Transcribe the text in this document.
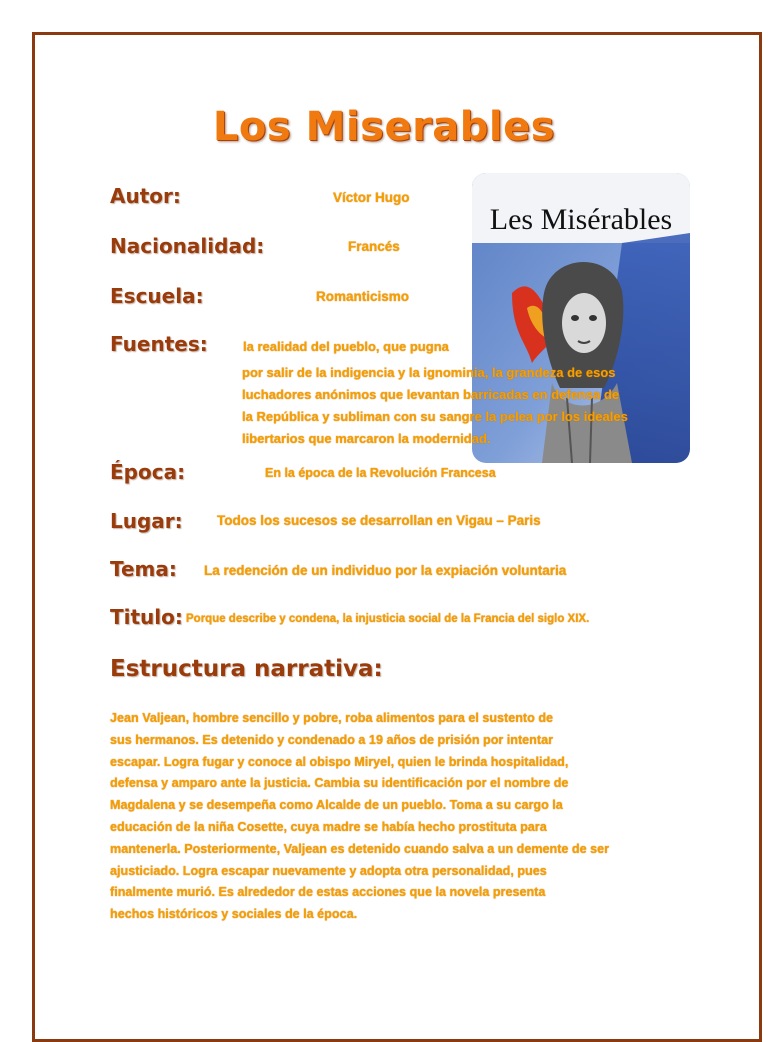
Los Miserables
Les Misérables
Autor:	Víctor Hugo
Nacionalidad:	Francés
Escuela:	Romanticismo
Fuentes:	la realidad del pueblo, que pugna
por salir de la indigencia y la ignominia, la grandeza de esos
luchadores anónimos que levantan barricadas en defensa de
la República y subliman con su sangre la pelea por los ideales
libertarios que marcaron la modernidad.
Época:	En la época de la Revolución Francesa
Lugar:	Todos los sucesos se desarrollan en Vigau – Paris
Tema: La redención de un individuo por la expiación voluntaria
Titulo: Porque describe y condena, la injusticia social de la Francia del siglo XIX.
Estructura narrativa:
Jean Valjean, hombre sencillo y pobre, roba alimentos para el sustento de
sus hermanos. Es detenido y condenado a 19 años de prisión por intentar
escapar. Logra fugar y conoce al obispo Miryel, quien le brinda hospitalidad,
defensa y amparo ante la justicia. Cambia su identificación por el nombre de
Magdalena y se desempeña como Alcalde de un pueblo. Toma a su cargo la
educación de la niña Cosette, cuya madre se había hecho prostituta para
mantenerla. Posteriormente, Valjean es detenido cuando salva a un demente de ser
ajusticiado. Logra escapar nuevamente y adopta otra personalidad, pues
finalmente murió. Es alrededor de estas acciones que la novela presenta
hechos históricos y sociales de la época.
